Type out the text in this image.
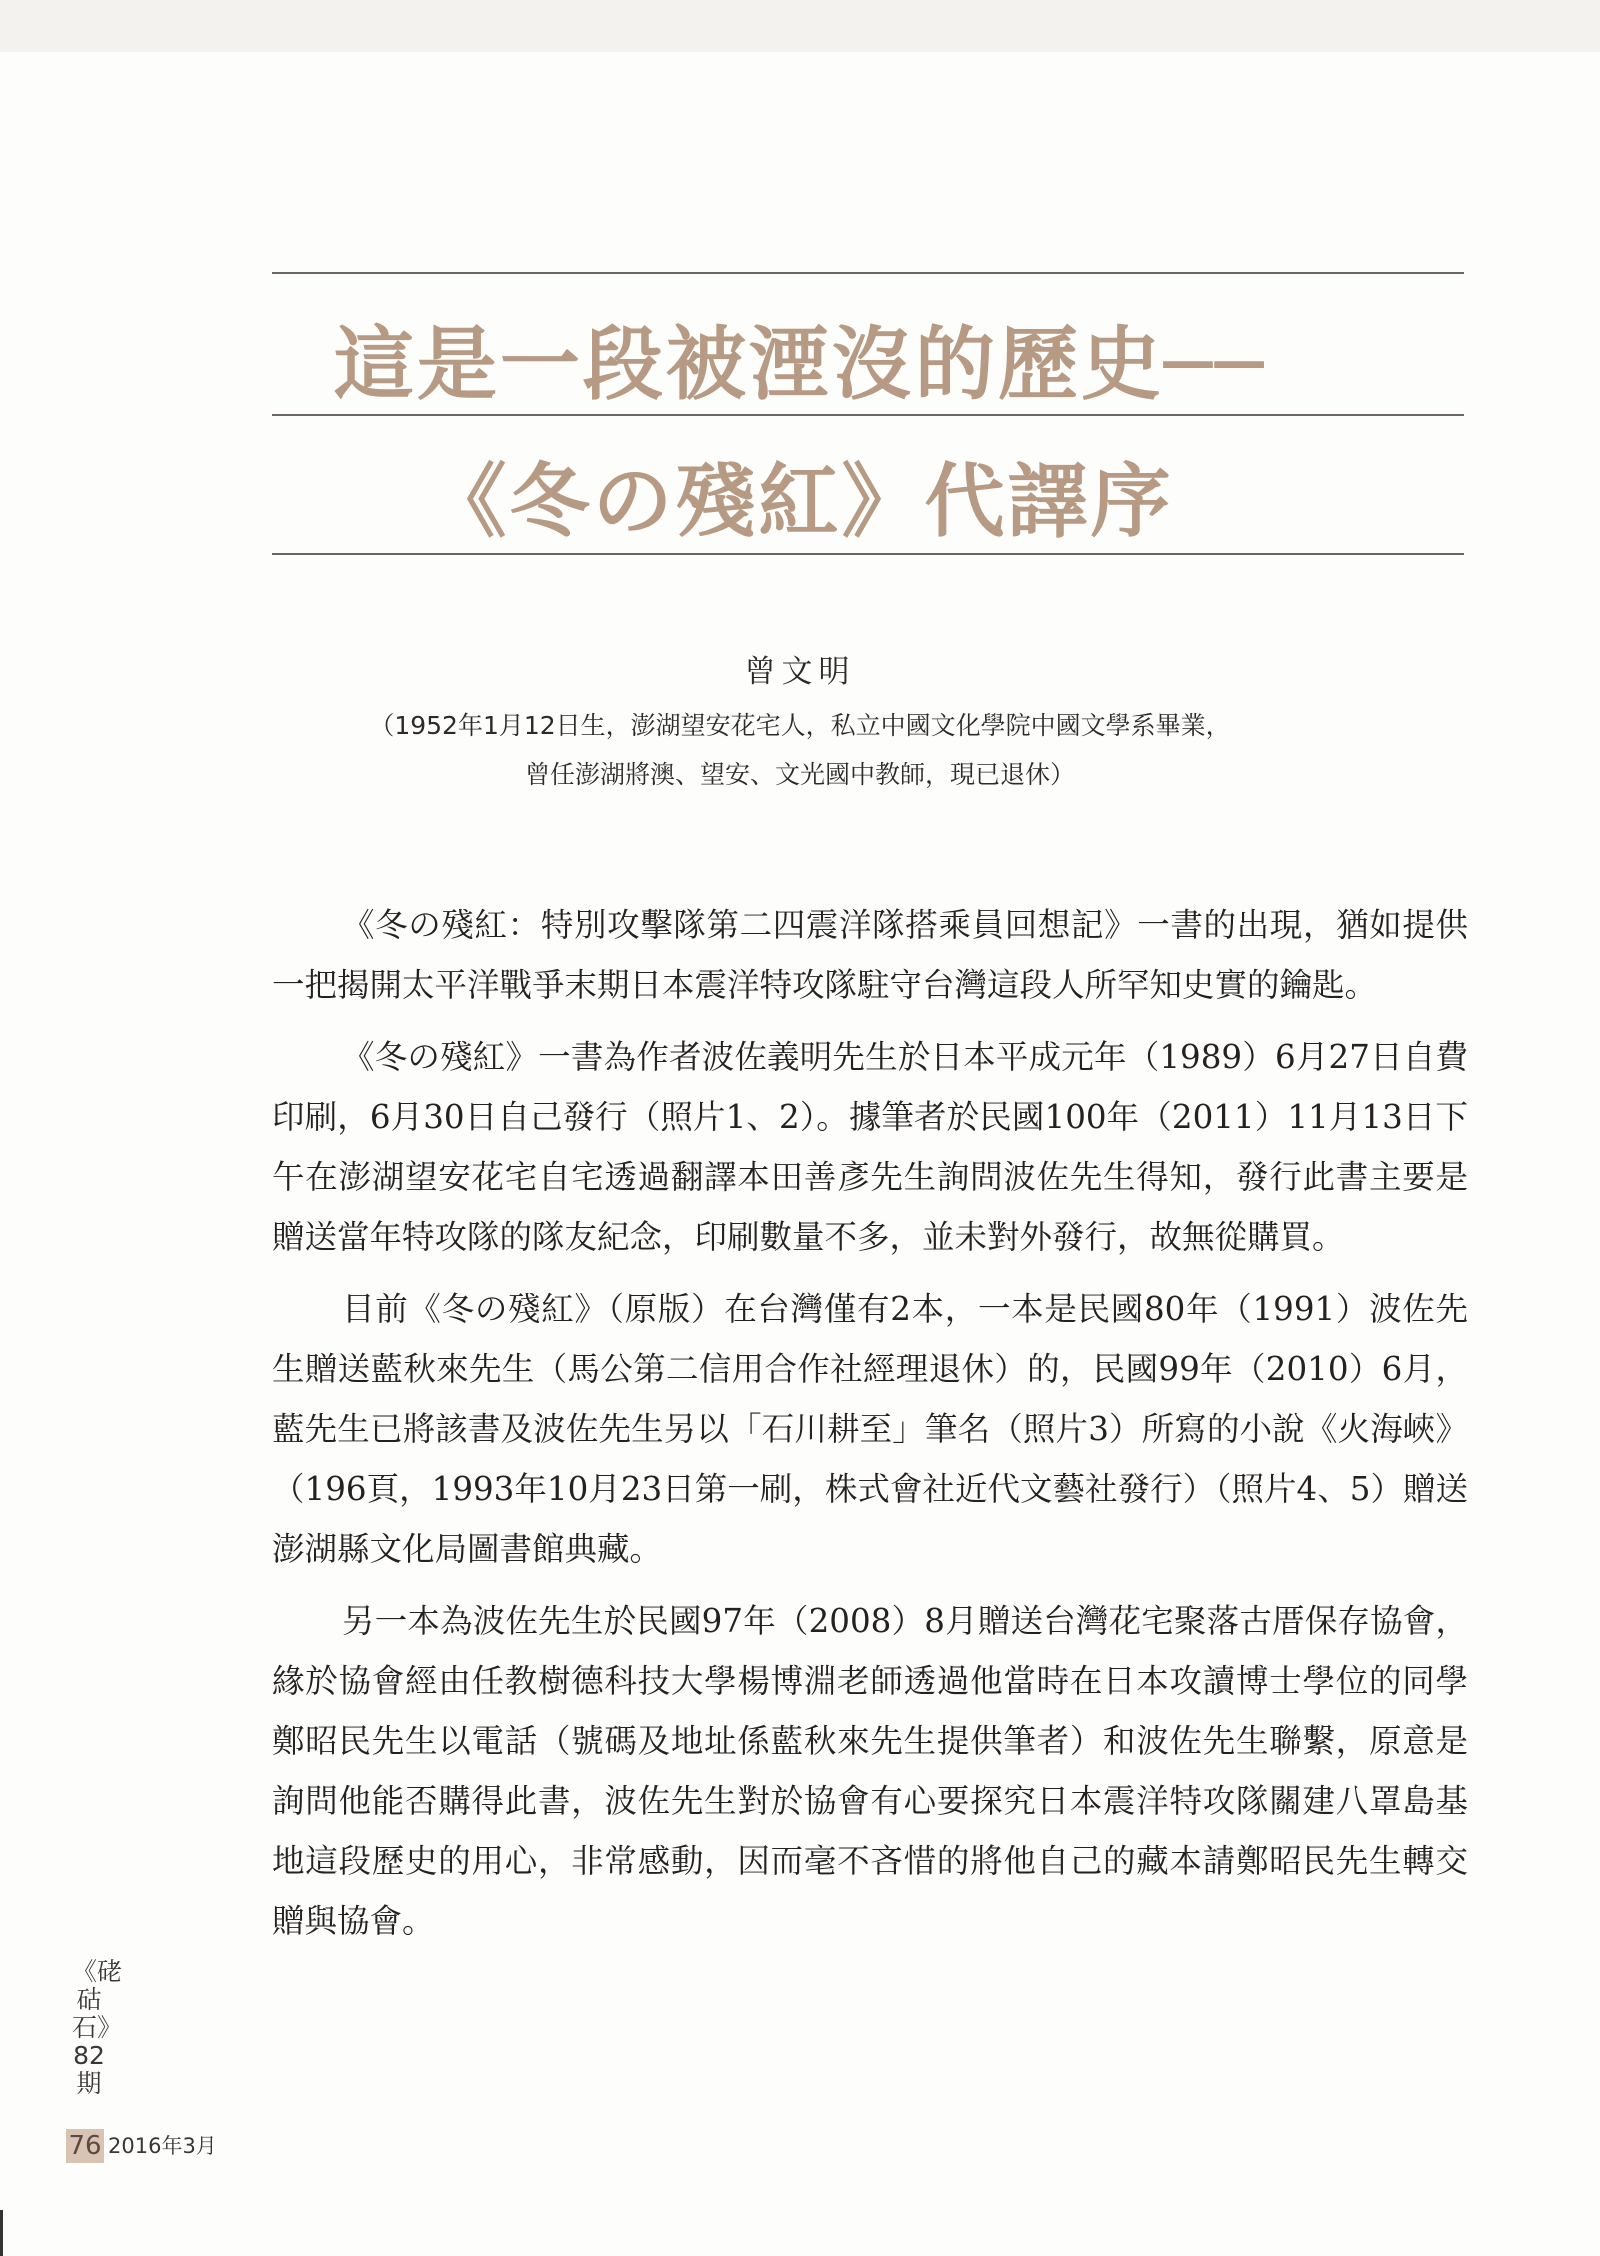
這是一段被湮沒的歷史──
《冬の殘紅》代譯序
曾文明
（1952年1月12日生，澎湖望安花宅人，私立中國文化學院中國文學系畢業，
曾任澎湖將澳、望安、文光國中教師，現已退休）

《冬の殘紅：特別攻擊隊第二四震洋隊搭乘員回想記》一書的出現，猶如提供一把揭開太平洋戰爭末期日本震洋特攻隊駐守台灣這段人所罕知史實的鑰匙。

《冬の殘紅》一書為作者波佐義明先生於日本平成元年（1989）6月27日自費印刷，6月30日自己發行（照片1、2）。據筆者於民國100年（2011）11月13日下午在澎湖望安花宅自宅透過翻譯本田善彥先生詢問波佐先生得知，發行此書主要是贈送當年特攻隊的隊友紀念，印刷數量不多，並未對外發行，故無從購買。

目前《冬の殘紅》（原版）在台灣僅有2本，一本是民國80年（1991）波佐先生贈送藍秋來先生（馬公第二信用合作社經理退休）的，民國99年（2010）6月，藍先生已將該書及波佐先生另以「石川耕至」筆名（照片3）所寫的小說《火海峽》（196頁，1993年10月23日第一刷，株式會社近代文藝社發行）（照片4、5）贈送澎湖縣文化局圖書館典藏。

另一本為波佐先生於民國97年（2008）8月贈送台灣花宅聚落古厝保存協會，緣於協會經由任教樹德科技大學楊博淵老師透過他當時在日本攻讀博士學位的同學鄭昭民先生以電話（號碼及地址係藍秋來先生提供筆者）和波佐先生聯繫，原意是詢問他能否購得此書，波佐先生對於協會有心要探究日本震洋特攻隊關建八罩島基地這段歷史的用心，非常感動，因而毫不吝惜的將他自己的藏本請鄭昭民先生轉交贈與協會。

《硓𥑮石》82期
76 2016年3月
